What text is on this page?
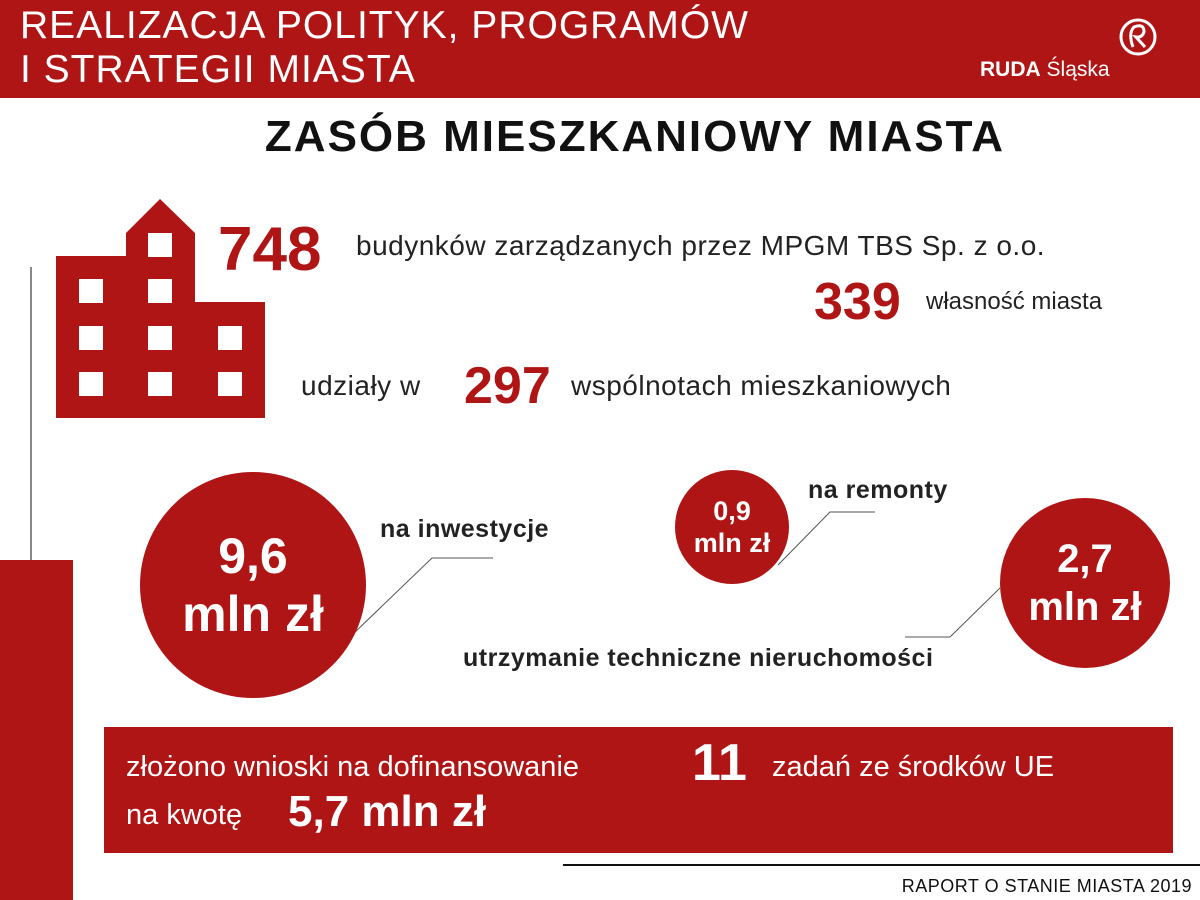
REALIZACJA POLITYK, PROGRAMÓW
I STRATEGII MIASTA	RUDA Śląska
ZASÓB MIESZKANIOWY MIASTA
748 budynków zarządzanych przez MPGM TBS Sp. z o.o.
339 własność miasta
udziały w 297 wspólnotach mieszkaniowych
9,6
mln zł
na inwestycje
0,9
mln zł
na remonty
2,7
mln zł
utrzymanie techniczne nieruchomości
złożono wnioski na dofinansowanie 11 zadań ze środków UE
na kwotę 5,7 mln zł
RAPORT O STANIE MIASTA 2019
